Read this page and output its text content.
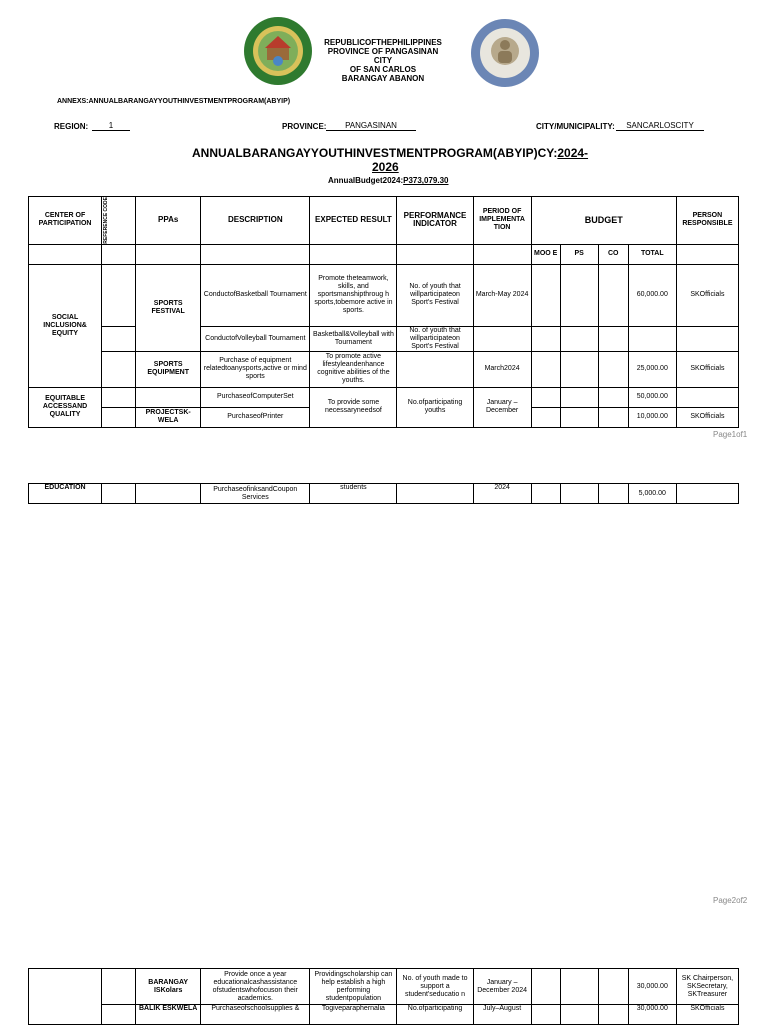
REPUBLICOFTHEPHILIPPINES
PROVINCE OF PANGASINAN CITY
OF SAN CARLOS
BARANGAY ABANON
ANNEXS:ANNUALBARANGAYYOUTHINVESTMENTPROGRAM(ABYIP)
REGION:	1	PROVINCE:	PANGASINAN	CITY/MUNICIPALITY:	SANCARLOSCITY
ANNUALBARANGAYYOUTHINVESTMENTPROGRAM(ABYIP)CY:2024-
2026
AnnualBudget2024:P373,079.30
CENTER OF PARTICIPATION	REFERENCE CODE	PPAs	DESCRIPTION	EXPECTED RESULT	PERFORMANCE INDICATOR	PERIOD OF IMPLEMENTA TION	BUDGET				PERSON RESPONSIBLE

							MOO E	PS	CO	TOTAL	
SOCIAL INCLUSION& EQUITY		SPORTS FESTIVAL	ConductofBasketball Tournament	Promote theteamwork, skills, and sportsmanshipthroug h sports,tobemore active in sports.	No. of youth that willparticipateon Sport's Festival	March-May 2024				60,000.00	SKOfficials
			ConductofVolleyball Tournament	Basketball&Volleyball with Tournament	No. of youth that willparticipateon Sport's Festival						
		SPORTS EQUIPMENT	Purchase of equipment relatedtoanysports,active or mind sports	To promote active lifestyleandenhance cognitive abilities of the youths.		March2024				25,000.00	SKOfficials
EQUITABLE ACCESSAND QUALITY			PurchaseofComputerSet	To provide some necessaryneedsof	No.ofparticipating youths	January – December				50,000.00	
		PROJECTSK- WELA	PurchaseofPrinter							10,000.00	SKOfficials
Page1of1
EDUCATION			PurchaseofinksandCoupon Services	students		2024				5,000.00	
Page2of2
		BARANGAY ISKolars	Provide once a year educationalcashassistance ofstudentswhofocuson their academics.	Providingscholarship can help establish a high performing studentpopulation	No. of youth made to support a student'seducatio n	January – December 2024				30,000.00	SK Chairperson, SKSecretary, SKTreasurer
		BALIK ESKWELA	Purchaseofschoolsupplies &	Togiveparaphernalia	No.ofparticipating	July–August				30,000.00	SKOfficials
